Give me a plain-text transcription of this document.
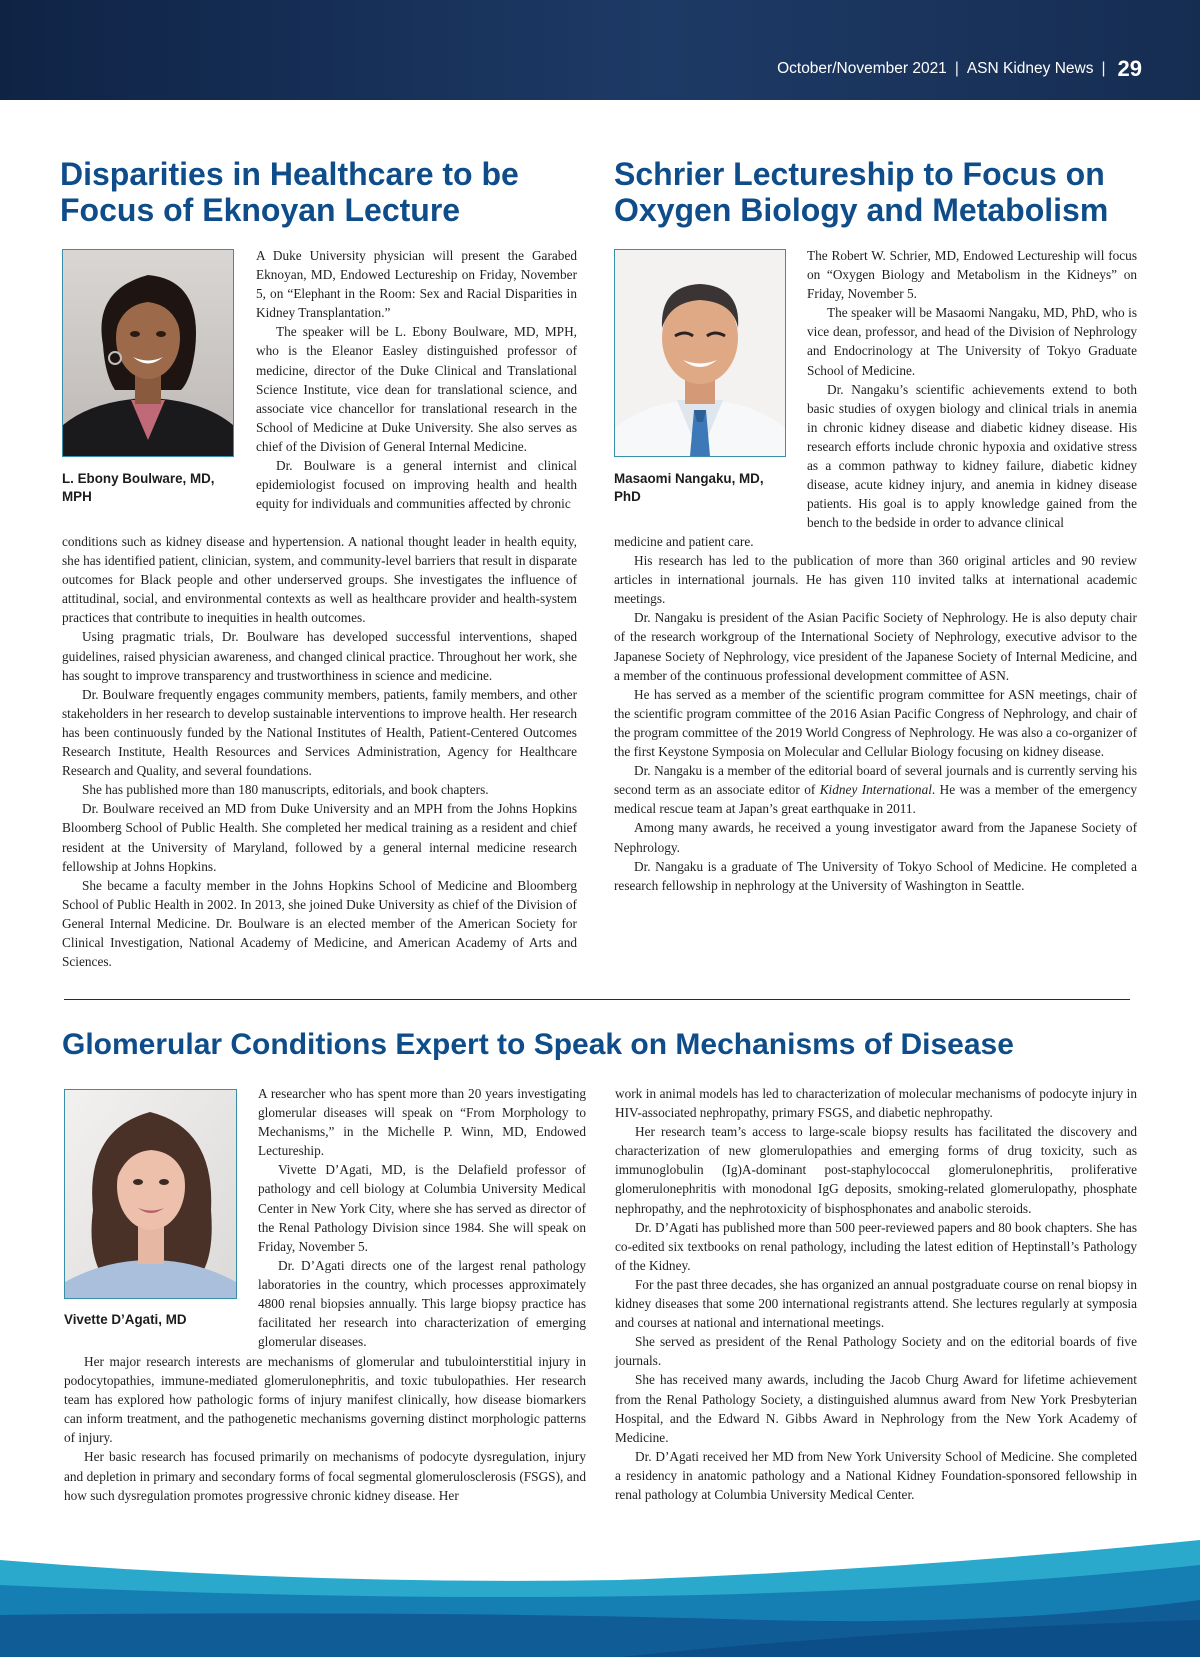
October/November 2021 | ASN Kidney News | 29
Disparities in Healthcare to be Focus of Eknoyan Lecture

L. Ebony Boulware, MD, MPH

A Duke University physician will present the Garabed Eknoyan, MD, Endowed Lectureship on Friday, November 5, on “Elephant in the Room: Sex and Racial Disparities in Kidney Transplantation.”

The speaker will be L. Ebony Boulware, MD, MPH, who is the Eleanor Easley distinguished professor of medicine, director of the Duke Clinical and Translational Science Institute, vice dean for translational science, and associate vice chancellor for translational research in the School of Medicine at Duke University. She also serves as chief of the Division of General Internal Medicine.

Dr. Boulware is a general internist and clinical epidemiologist focused on improving health and health equity for individuals and communities affected by chronic

conditions such as kidney disease and hypertension. A national thought leader in health equity, she has identified patient, clinician, system, and community-level barriers that result in disparate outcomes for Black people and other underserved groups. She investigates the influence of attitudinal, social, and environmental contexts as well as healthcare provider and health-system practices that contribute to inequities in health outcomes.

Using pragmatic trials, Dr. Boulware has developed successful interventions, shaped guidelines, raised physician awareness, and changed clinical practice. Throughout her work, she has sought to improve transparency and trustworthiness in science and medicine.

Dr. Boulware frequently engages community members, patients, family members, and other stakeholders in her research to develop sustainable interventions to improve health. Her research has been continuously funded by the National Institutes of Health, Patient-Centered Outcomes Research Institute, Health Resources and Services Administration, Agency for Healthcare Research and Quality, and several foundations.

She has published more than 180 manuscripts, editorials, and book chapters.

Dr. Boulware received an MD from Duke University and an MPH from the Johns Hopkins Bloomberg School of Public Health. She completed her medical training as a resident and chief resident at the University of Maryland, followed by a general internal medicine research fellowship at Johns Hopkins.

She became a faculty member in the Johns Hopkins School of Medicine and Bloomberg School of Public Health in 2002. In 2013, she joined Duke University as chief of the Division of General Internal Medicine. Dr. Boulware is an elected member of the American Society for Clinical Investigation, National Academy of Medicine, and American Academy of Arts and Sciences.

Schrier Lectureship to Focus on Oxygen Biology and Metabolism

Masaomi Nangaku, MD, PhD

The Robert W. Schrier, MD, Endowed Lectureship will focus on “Oxygen Biology and Metabolism in the Kidneys” on Friday, November 5.

The speaker will be Masaomi Nangaku, MD, PhD, who is vice dean, professor, and head of the Division of Nephrology and Endocrinology at The University of Tokyo Graduate School of Medicine.

Dr. Nangaku’s scientific achievements extend to both basic studies of oxygen biology and clinical trials in anemia in chronic kidney disease and diabetic kidney disease. His research efforts include chronic hypoxia and oxidative stress as a common pathway to kidney failure, diabetic kidney disease, acute kidney injury, and anemia in kidney disease patients. His goal is to apply knowledge gained from the bench to the bedside in order to advance clinical

medicine and patient care.

His research has led to the publication of more than 360 original articles and 90 review articles in international journals. He has given 110 invited talks at international academic meetings.

Dr. Nangaku is president of the Asian Pacific Society of Nephrology. He is also deputy chair of the research workgroup of the International Society of Nephrology, executive advisor to the Japanese Society of Nephrology, vice president of the Japanese Society of Internal Medicine, and a member of the continuous professional development committee of ASN.

He has served as a member of the scientific program committee for ASN meetings, chair of the scientific program committee of the 2016 Asian Pacific Congress of Nephrology, and chair of the program committee of the 2019 World Congress of Nephrology. He was also a co-organizer of the first Keystone Symposia on Molecular and Cellular Biology focusing on kidney disease.

Dr. Nangaku is a member of the editorial board of several journals and is currently serving his second term as an associate editor of Kidney International. He was a member of the emergency medical rescue team at Japan’s great earthquake in 2011.

Among many awards, he received a young investigator award from the Japanese Society of Nephrology.

Dr. Nangaku is a graduate of The University of Tokyo School of Medicine. He completed a research fellowship in nephrology at the University of Washington in Seattle.

Glomerular Conditions Expert to Speak on Mechanisms of Disease

Vivette D’Agati, MD

A researcher who has spent more than 20 years investigating glomerular diseases will speak on “From Morphology to Mechanisms,” in the Michelle P. Winn, MD, Endowed Lectureship.

Vivette D’Agati, MD, is the Delafield professor of pathology and cell biology at Columbia University Medical Center in New York City, where she has served as director of the Renal Pathology Division since 1984. She will speak on Friday, November 5.

Dr. D’Agati directs one of the largest renal pathology laboratories in the country, which processes approximately 4800 renal biopsies annually. This large biopsy practice has facilitated her research into characterization of emerging glomerular diseases.

Her major research interests are mechanisms of glomerular and tubulointerstitial injury in podocytopathies, immune-mediated glomerulonephritis, and toxic tubulopathies. Her research team has explored how pathologic forms of injury manifest clinically, how disease biomarkers can inform treatment, and the pathogenetic mechanisms governing distinct morphologic patterns of injury.

Her basic research has focused primarily on mechanisms of podocyte dysregulation, injury and depletion in primary and secondary forms of focal segmental glomerulosclerosis (FSGS), and how such dysregulation promotes progressive chronic kidney disease. Her

work in animal models has led to characterization of molecular mechanisms of podocyte injury in HIV-associated nephropathy, primary FSGS, and diabetic nephropathy.

Her research team’s access to large-scale biopsy results has facilitated the discovery and characterization of new glomerulopathies and emerging forms of drug toxicity, such as immunoglobulin (Ig)A-dominant post-staphylococcal glomerulonephritis, proliferative glomerulonephritis with monodonal IgG deposits, smoking-related glomerulopathy, phosphate nephropathy, and the nephrotoxicity of bisphosphonates and anabolic steroids.

Dr. D’Agati has published more than 500 peer-reviewed papers and 80 book chapters. She has co-edited six textbooks on renal pathology, including the latest edition of Heptinstall’s Pathology of the Kidney.

For the past three decades, she has organized an annual postgraduate course on renal biopsy in kidney diseases that some 200 international registrants attend. She lectures regularly at symposia and courses at national and international meetings.

She served as president of the Renal Pathology Society and on the editorial boards of five journals.

She has received many awards, including the Jacob Churg Award for lifetime achievement from the Renal Pathology Society, a distinguished alumnus award from New York Presbyterian Hospital, and the Edward N. Gibbs Award in Nephrology from the New York Academy of Medicine.

Dr. D’Agati received her MD from New York University School of Medicine. She completed a residency in anatomic pathology and a National Kidney Foundation-sponsored fellowship in renal pathology at Columbia University Medical Center.
